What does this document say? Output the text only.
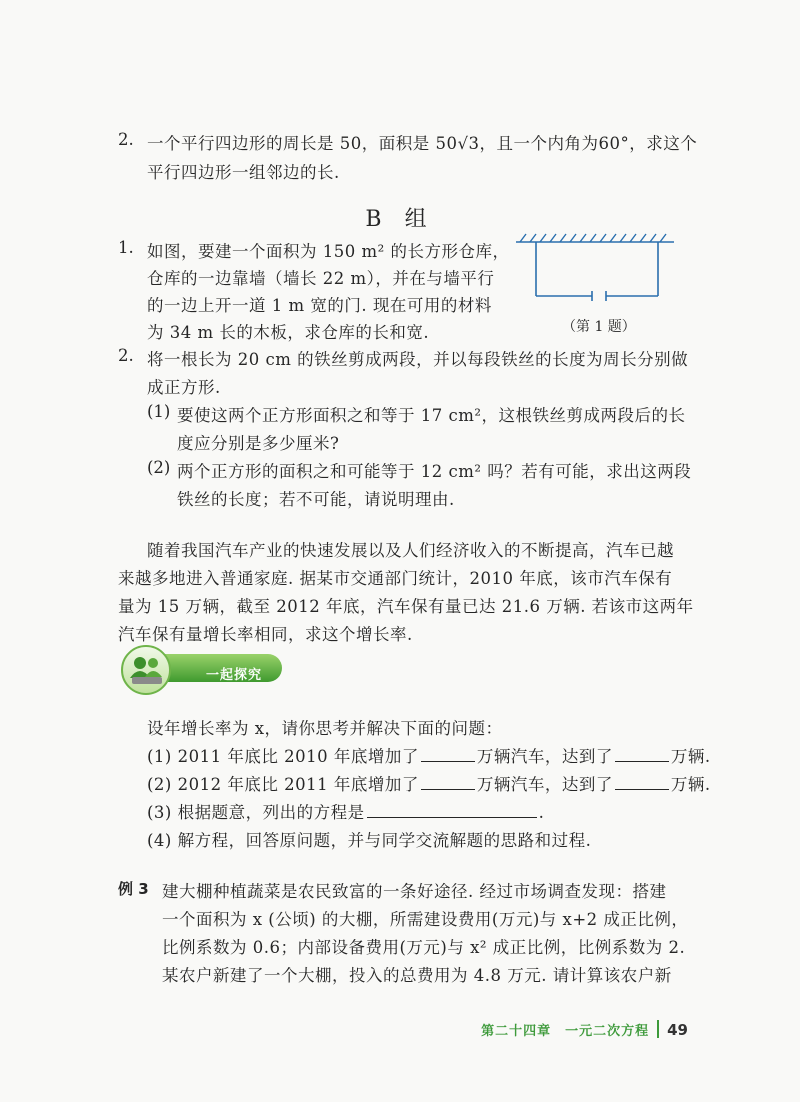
2. 一个平行四边形的周长是 50，面积是 50√3，且一个内角为60°，求这个
平行四边形一组邻边的长.
B 组
1. 如图，要建一个面积为 150 m² 的长方形仓库，
仓库的一边靠墙（墙长 22 m），并在与墙平行
的一边上开一道 1 m 宽的门. 现在可用的材料
为 34 m 长的木板，求仓库的长和宽.	（第 1 题）
2. 将一根长为 20 cm 的铁丝剪成两段，并以每段铁丝的长度为周长分别做
成正方形.
(1) 要使这两个正方形面积之和等于 17 cm²，这根铁丝剪成两段后的长
度应分别是多少厘米?
(2) 两个正方形的面积之和可能等于 12 cm² 吗？若有可能，求出这两段
铁丝的长度；若不可能，请说明理由.
随着我国汽车产业的快速发展以及人们经济收入的不断提高，汽车已越
来越多地进入普通家庭. 据某市交通部门统计，2010 年底，该市汽车保有
量为 15 万辆，截至 2012 年底，汽车保有量已达 21.6 万辆. 若该市这两年
汽车保有量增长率相同，求这个增长率.
一起探究
设年增长率为 x，请你思考并解决下面的问题：
(1) 2011 年底比 2010 年底增加了	万辆汽车，达到了	万辆.
(2) 2012 年底比 2011 年底增加了	万辆汽车，达到了	万辆.
(3) 根据题意，列出的方程是	.
(4) 解方程，回答原问题，并与同学交流解题的思路和过程.
例 3 建大棚种植蔬菜是农民致富的一条好途径. 经过市场调查发现：搭建
一个面积为 x (公顷) 的大棚，所需建设费用(万元)与 x+2 成正比例，
比例系数为 0.6；内部设备费用(万元)与 x² 成正比例，比例系数为 2.
某农户新建了一个大棚，投入的总费用为 4.8 万元. 请计算该农户新
第二十四章　一元二次方程 49
